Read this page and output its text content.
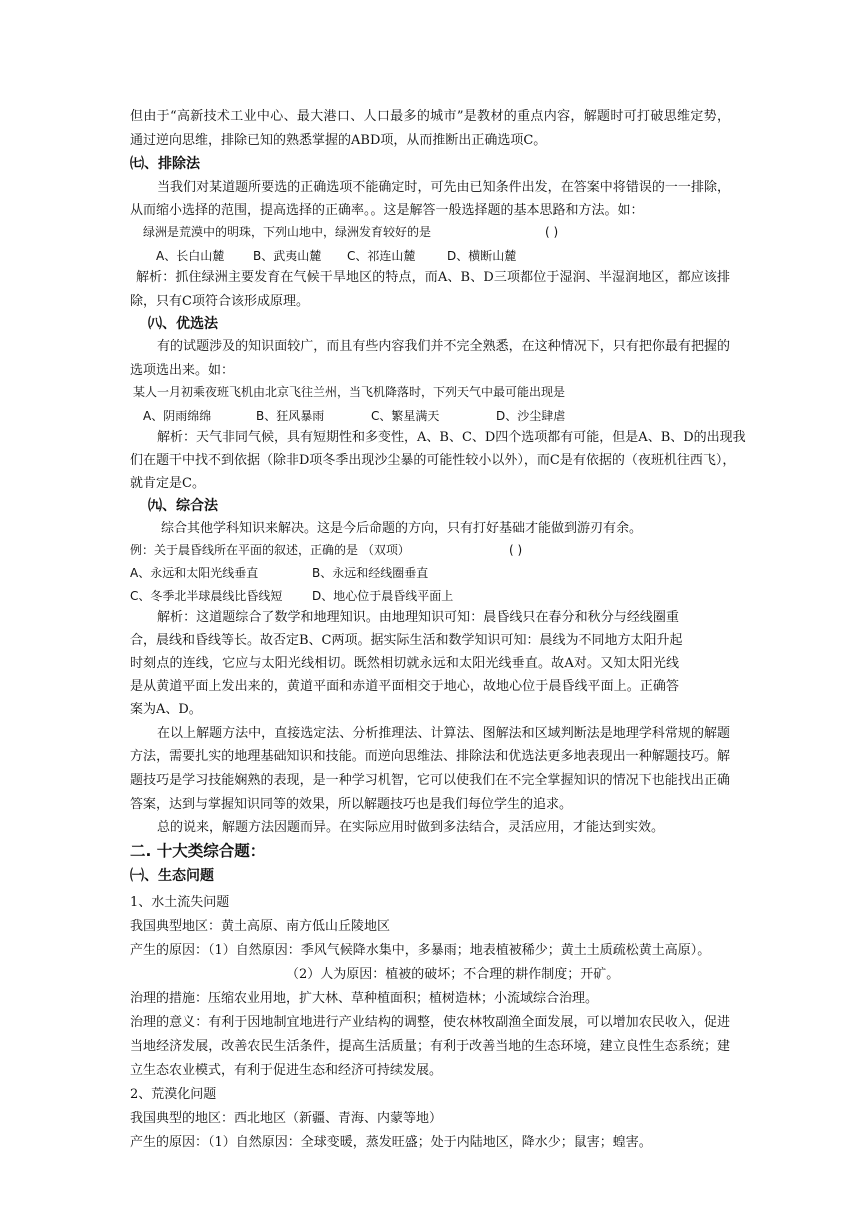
但由于“高新技术工业中心、最大港口、人口最多的城市”是教材的重点内容，解题时可打破思维定势，
通过逆向思维，排除已知的熟悉掌握的ABD项，从而推断出正确选项C。
㈦、排除法
当我们对某道题所要选的正确选项不能确定时，可先由已知条件出发，在答案中将错误的一一排除，
从而缩小选择的范围，提高选择的正确率。。这是解答一般选择题的基本思路和方法。如：
绿洲是荒漠中的明珠，下列山地中，绿洲发育较好的是	( )
A、长白山麓 B、武夷山麓 C、祁连山麓	D、横断山麓
解析：抓住绿洲主要发育在气候干旱地区的特点，而A、B、D三项都位于湿润、半湿润地区，都应该排
除，只有C项符合该形成原理。
㈧、优选法
有的试题涉及的知识面较广，而且有些内容我们并不完全熟悉，在这种情况下，只有把你最有把握的
选项选出来。如：
某人一月初乘夜班飞机由北京飞往兰州，当飞机降落时，下列天气中最可能出现是
A、阴雨绵绵	B、狂风暴雨	C、繁星满天	D、沙尘肆虐
解析：天气非同气候，具有短期性和多变性，A、B、C、D四个选项都有可能，但是A、B、D的出现我
们在题干中找不到依据（除非D项冬季出现沙尘暴的可能性较小以外），而C是有依据的（夜班机往西飞），
就肯定是C。
㈨、综合法
综合其他学科知识来解决。这是今后命题的方向，只有打好基础才能做到游刃有余。
例：关于晨昏线所在平面的叙述，正确的是 （双项）	( )
A、永远和太阳光线垂直	B、永远和经线圈垂直
C、冬季北半球晨线比昏线短 D、地心位于晨昏线平面上
解析：这道题综合了数学和地理知识。由地理知识可知：晨昏线只在春分和秋分与经线圈重
合，晨线和昏线等长。故否定B、C两项。据实际生活和数学知识可知：晨线为不同地方太阳升起
时刻点的连线，它应与太阳光线相切。既然相切就永远和太阳光线垂直。故A对。又知太阳光线
是从黄道平面上发出来的，黄道平面和赤道平面相交于地心，故地心位于晨昏线平面上。正确答
案为A、D。
在以上解题方法中，直接选定法、分析推理法、计算法、图解法和区域判断法是地理学科常规的解题
方法，需要扎实的地理基础知识和技能。而逆向思维法、排除法和优选法更多地表现出一种解题技巧。解
题技巧是学习技能娴熟的表现，是一种学习机智，它可以使我们在不完全掌握知识的情况下也能找出正确
答案，达到与掌握知识同等的效果，所以解题技巧也是我们每位学生的追求。
总的说来，解题方法因题而异。在实际应用时做到多法结合，灵活应用，才能达到实效。
二. 十大类综合题：
㈠、生态问题
1、水土流失问题
我国典型地区：黄土高原、南方低山丘陵地区
产生的原因：（1）自然原因：季风气候降水集中，多暴雨；地表植被稀少；黄土土质疏松黄土高原）。
（2）人为原因：植被的破坏；不合理的耕作制度；开矿。
治理的措施：压缩农业用地，扩大林、草种植面积；植树造林；小流域综合治理。
治理的意义：有利于因地制宜地进行产业结构的调整，使农林牧副渔全面发展，可以增加农民收入，促进
当地经济发展，改善农民生活条件，提高生活质量；有利于改善当地的生态环境，建立良性生态系统；建
立生态农业模式，有利于促进生态和经济可持续发展。
2、荒漠化问题
我国典型的地区：西北地区（新疆、青海、内蒙等地）
产生的原因：（1）自然原因：全球变暖，蒸发旺盛；处于内陆地区，降水少；鼠害；蝗害。
